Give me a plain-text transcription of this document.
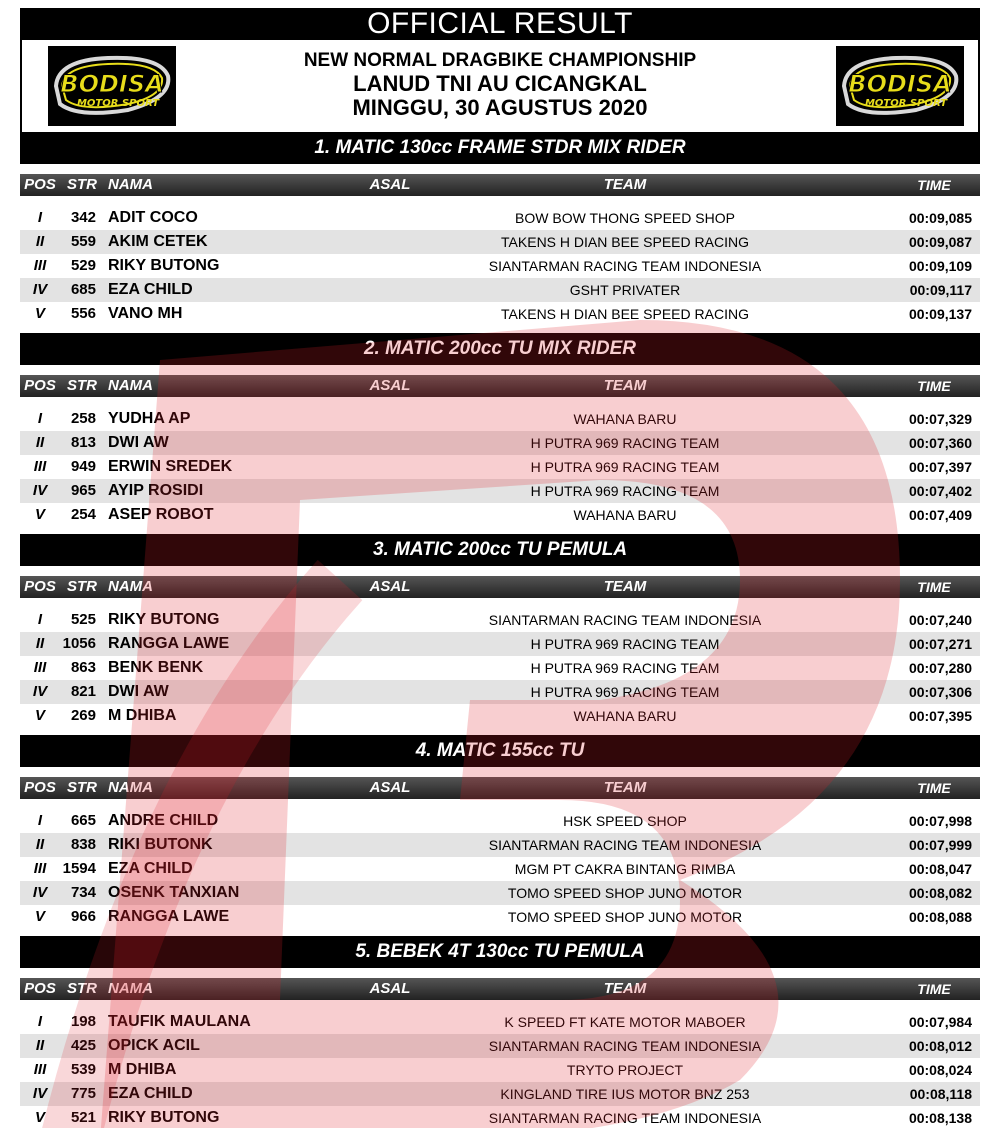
OFFICIAL RESULT
BODISA
MOTOR SPORT
NEW NORMAL DRAGBIKE CHAMPIONSHIP
LANUD TNI AU CICANGKAL
MINGGU, 30 AGUSTUS 2020
BODISA
MOTOR SPORT
1. MATIC 130cc FRAME STDR MIX RIDER
POS STR NAMA	ASAL	TEAM	TIME
I	342 ADIT COCO	BOW BOW THONG SPEED SHOP	00:09,085
II	559 AKIM CETEK	TAKENS H DIAN BEE SPEED RACING	00:09,087
III	529 RIKY BUTONG	SIANTARMAN RACING TEAM INDONESIA	00:09,109
IV	685 EZA CHILD	GSHT PRIVATER	00:09,117
V	556 VANO MH	TAKENS H DIAN BEE SPEED RACING	00:09,137
2. MATIC 200cc TU MIX RIDER
POS STR NAMA	ASAL	TEAM	TIME
I	258 YUDHA AP	WAHANA BARU	00:07,329
II	813 DWI AW	H PUTRA 969 RACING TEAM	00:07,360
III	949 ERWIN SREDEK	H PUTRA 969 RACING TEAM	00:07,397
IV	965 AYIP ROSIDI	H PUTRA 969 RACING TEAM	00:07,402
V	254 ASEP ROBOT	WAHANA BARU	00:07,409
3. MATIC 200cc TU PEMULA
POS STR NAMA	ASAL	TEAM	TIME
I	525 RIKY BUTONG	SIANTARMAN RACING TEAM INDONESIA	00:07,240
II	1056 RANGGA LAWE	H PUTRA 969 RACING TEAM	00:07,271
III	863 BENK BENK	H PUTRA 969 RACING TEAM	00:07,280
IV	821 DWI AW	H PUTRA 969 RACING TEAM	00:07,306
V	269 M DHIBA	WAHANA BARU	00:07,395
4. MATIC 155cc TU
POS STR NAMA	ASAL	TEAM	TIME
I	665 ANDRE CHILD	HSK SPEED SHOP	00:07,998
II	838 RIKI BUTONK	SIANTARMAN RACING TEAM INDONESIA	00:07,999
III	1594 EZA CHILD	MGM PT CAKRA BINTANG RIMBA	00:08,047
IV	734 OSENK TANXIAN	TOMO SPEED SHOP JUNO MOTOR	00:08,082
V	966 RANGGA LAWE	TOMO SPEED SHOP JUNO MOTOR	00:08,088
5. BEBEK 4T 130cc TU PEMULA
POS STR NAMA	ASAL	TEAM	TIME
I	198 TAUFIK MAULANA	K SPEED FT KATE MOTOR MABOER	00:07,984
II	425 OPICK ACIL	SIANTARMAN RACING TEAM INDONESIA	00:08,012
III	539 M DHIBA	TRYTO PROJECT	00:08,024
IV	775 EZA CHILD	KINGLAND TIRE IUS MOTOR BNZ 253	00:08,118
V	521 RIKY BUTONG	SIANTARMAN RACING TEAM INDONESIA	00:08,138
